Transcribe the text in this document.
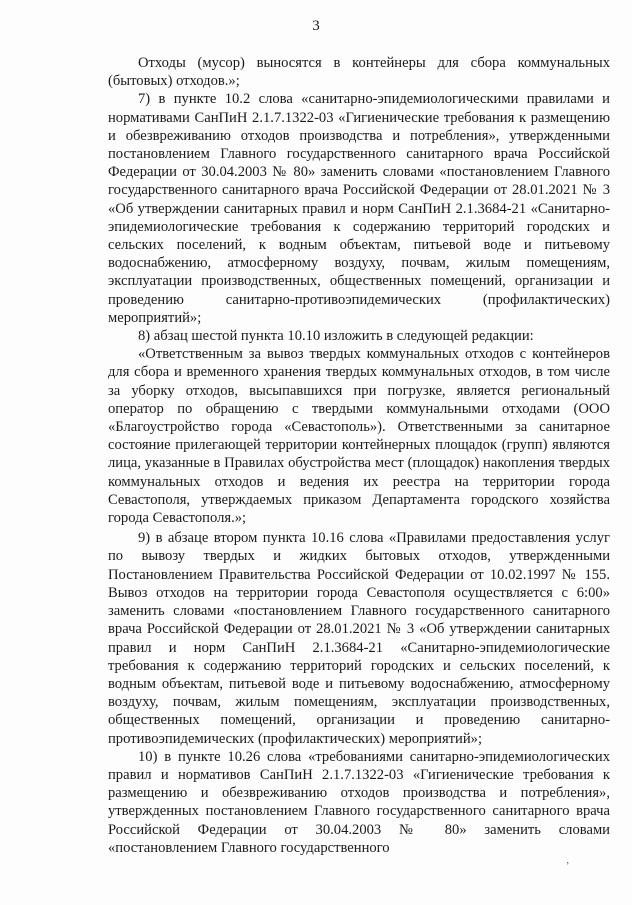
3

Отходы (мусор) выносятся в контейнеры для сбора коммунальных (бытовых) отходов.»;

7) в пункте 10.2 слова «санитарно-эпидемиологическими правилами и нормативами СанПиН 2.1.7.1322-03 «Гигиенические требования к размещению и обезвреживанию отходов производства и потребления», утвержденными постановлением Главного государственного санитарного врача Российской Федерации от 30.04.2003 № 80» заменить словами «постановлением Главного государственного санитарного врача Российской Федерации от 28.01.2021 № 3 «Об утверждении санитарных правил и норм СанПиН 2.1.3684-21 «Санитарно-эпидемиологические требования к содержанию территорий городских и сельских поселений, к водным объектам, питьевой воде и питьевому водоснабжению, атмосферному воздуху, почвам, жилым помещениям, эксплуатации производственных, общественных помещений, организации и проведению санитарно-противоэпидемических (профилактических) мероприятий»;

8) абзац шестой пункта 10.10 изложить в следующей редакции:

«Ответственным за вывоз твердых коммунальных отходов с контейнеров для сбора и временного хранения твердых коммунальных отходов, в том числе за уборку отходов, высыпавшихся при погрузке, является региональный оператор по обращению с твердыми коммунальными отходами (ООО «Благоустройство города «Севастополь»). Ответственными за санитарное состояние прилегающей территории контейнерных площадок (групп) являются лица, указанные в Правилах обустройства мест (площадок) накопления твердых коммунальных отходов и ведения их реестра на территории города Севастополя, утверждаемых приказом Департамента городского хозяйства города Севастополя.»;

9) в абзаце втором пункта 10.16 слова «Правилами предоставления услуг по вывозу твердых и жидких бытовых отходов, утвержденными Постановлением Правительства Российской Федерации от 10.02.1997 № 155. Вывоз отходов на территории города Севастополя осуществляется с 6:00» заменить словами «постановлением Главного государственного санитарного врача Российской Федерации от 28.01.2021 № 3 «Об утверждении санитарных правил и норм СанПиН 2.1.3684-21 «Санитарно-эпидемиологические требования к содержанию территорий городских и сельских поселений, к водным объектам, питьевой воде и питьевому водоснабжению, атмосферному воздуху, почвам, жилым помещениям, эксплуатации производственных, общественных помещений, организации и проведению санитарно-противоэпидемических (профилактических) мероприятий»;

10) в пункте 10.26 слова «требованиями санитарно-эпидемиологических правил и нормативов СанПиН 2.1.7.1322-03 «Гигиенические требования к размещению и обезвреживанию отходов производства и потребления», утвержденных постановлением Главного государственного санитарного врача Российской Федерации от 30.04.2003 № 80» заменить словами «постановлением Главного государственного

‚
